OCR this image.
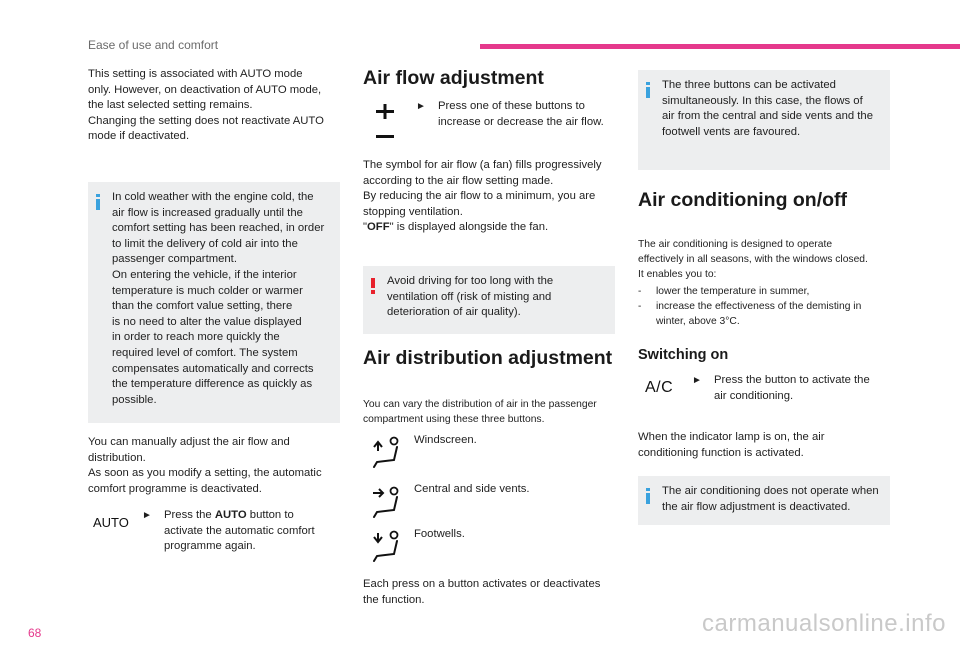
Ease of use and comfort

This setting is associated with AUTO mode
only. However, on deactivation of AUTO mode,
the last selected setting remains.
Changing the setting does not reactivate AUTO
mode if deactivated.

In cold weather with the engine cold, the
air flow is increased gradually until the
comfort setting has been reached, in order
to limit the delivery of cold air into the
passenger compartment.
On entering the vehicle, if the interior
temperature is much colder or warmer
than the comfort value setting, there
is no need to alter the value displayed
in order to reach more quickly the
required level of comfort. The system
compensates automatically and corrects
the temperature difference as quickly as
possible.

You can manually adjust the air flow and
distribution.
As soon as you modify a setting, the automatic
comfort programme is deactivated.

AUTO ►	Press the AUTO button to
activate the automatic comfort
programme again.

Air flow adjustment
►	Press one of these buttons to
increase or decrease the air flow.

The symbol for air flow (a fan) fills progressively
according to the air flow setting made.
By reducing the air flow to a minimum, you are
stopping ventilation.
"OFF" is displayed alongside the fan.

Avoid driving for too long with the
ventilation off (risk of misting and
deterioration of air quality).

Air distribution adjustment

You can vary the distribution of air in the passenger
compartment using these three buttons.

Windscreen.
Central and side vents.
Footwells.

Each press on a button activates or deactivates
the function.

The three buttons can be activated
simultaneously. In this case, the flows of
air from the central and side vents and the
footwell vents are favoured.

Air conditioning on/off

The air conditioning is designed to operate
effectively in all seasons, with the windows closed.
It enables you to:

-	lower the temperature in summer,

-	increase the effectiveness of the demisting in
winter, above 3°C.

Switching on
A/C ►	Press the button to activate the
air conditioning.

When the indicator lamp is on, the air
conditioning function is activated.

The air conditioning does not operate when
the air flow adjustment is deactivated.

68	carmanualsonline.info
